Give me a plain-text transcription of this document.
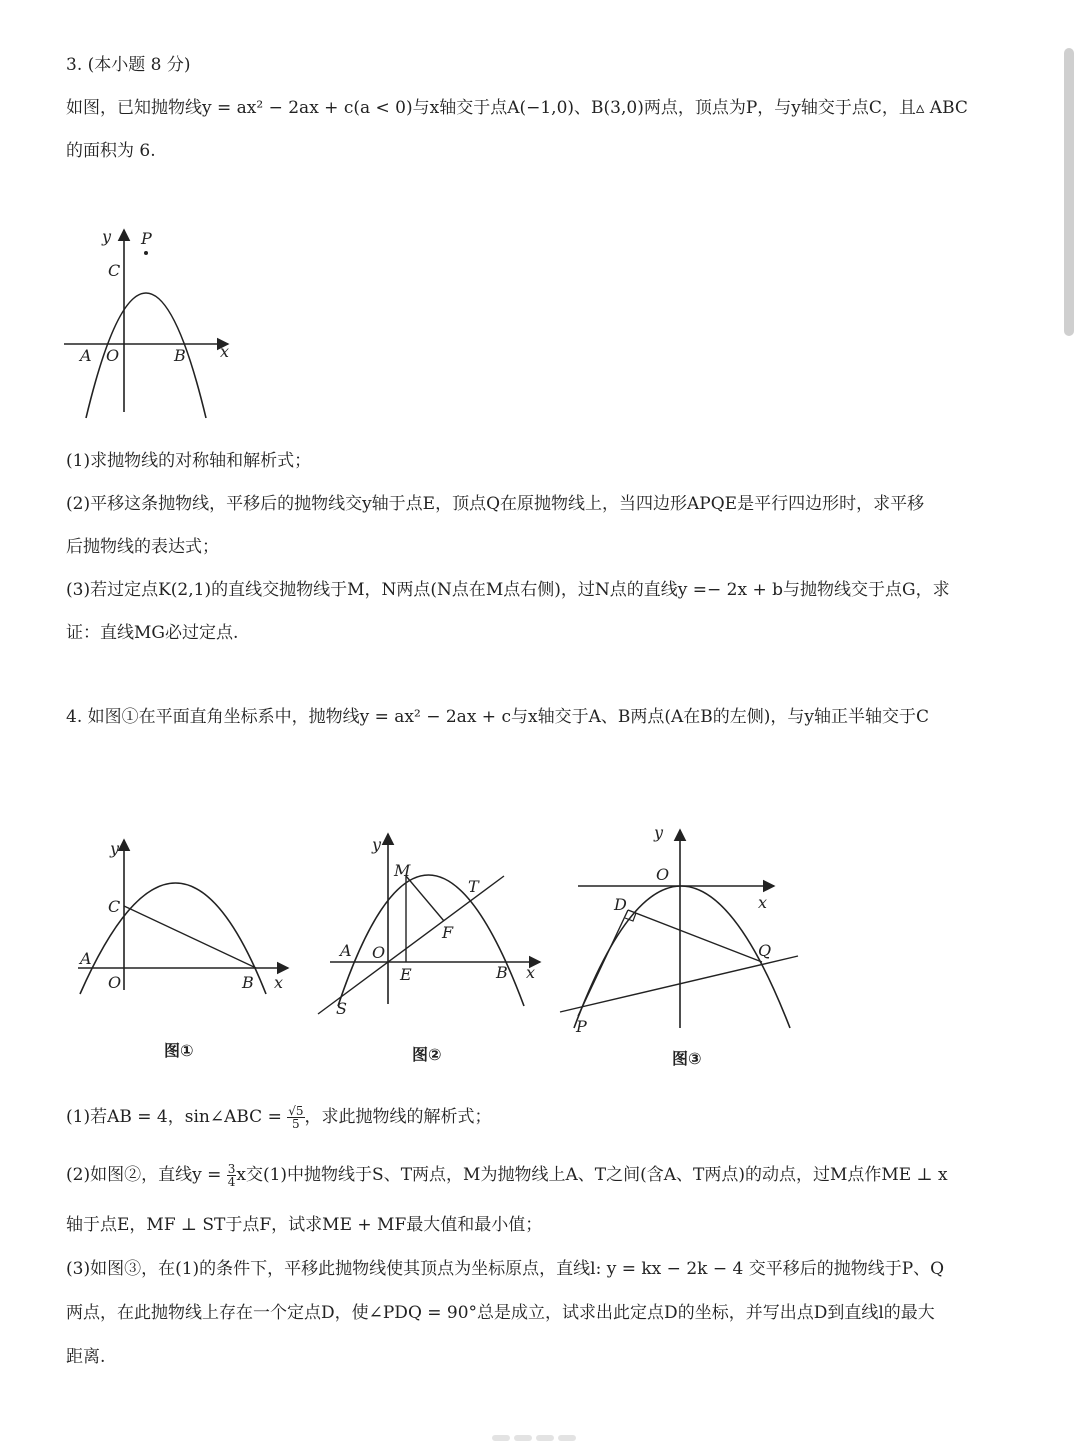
3. (本小题 8 分)
如图，已知抛物线y = ax² − 2ax + c(a < 0)与x轴交于点A(−1,0)、B(3,0)两点，顶点为P，与y轴交于点C，且▵ ABC
的面积为 6.
y P
C
A O	B x
(1)求抛物线的对称轴和解析式；
(2)平移这条抛物线，平移后的抛物线交y轴于点E，顶点Q在原抛物线上，当四边形APQE是平行四边形时，求平移
后抛物线的表达式；
(3)若过定点K(2,1)的直线交抛物线于M，N两点(N点在M点右侧)，过N点的直线y =− 2x + b与抛物线交于点G，求
证：直线MG必过定点.
4. 如图①在平面直角坐标系中，抛物线y = ax² − 2ax + c与x轴交于A、B两点(A在B的左侧)，与y轴正半轴交于C
y
C
A
O	B x
图①
y
M
T
F
A O
E	B x
S
图②
y
O
x
D
Q
P
图③
(1)若AB = 4，sin∠ABC = $\frac{√5}{5}$ ，求此抛物线的解析式；
(2)如图②，直线$y = \frac{3}{4}$ x交(1)中抛物线于S、T两点，M为抛物线上A、T之间(含A、T两点)的动点，过M点作ME ⊥ x
轴于点E，MF ⊥ ST于点F，试求ME + MF最大值和最小值；
(3)如图③，在(1)的条件下，平移此抛物线使其顶点为坐标原点，直线l: y = kx − 2k − 4 交平移后的抛物线于P、Q
两点，在此抛物线上存在一个定点D，使∠PDQ = 90°总是成立，试求出此定点D的坐标，并写出点D到直线l的最大
距离.
